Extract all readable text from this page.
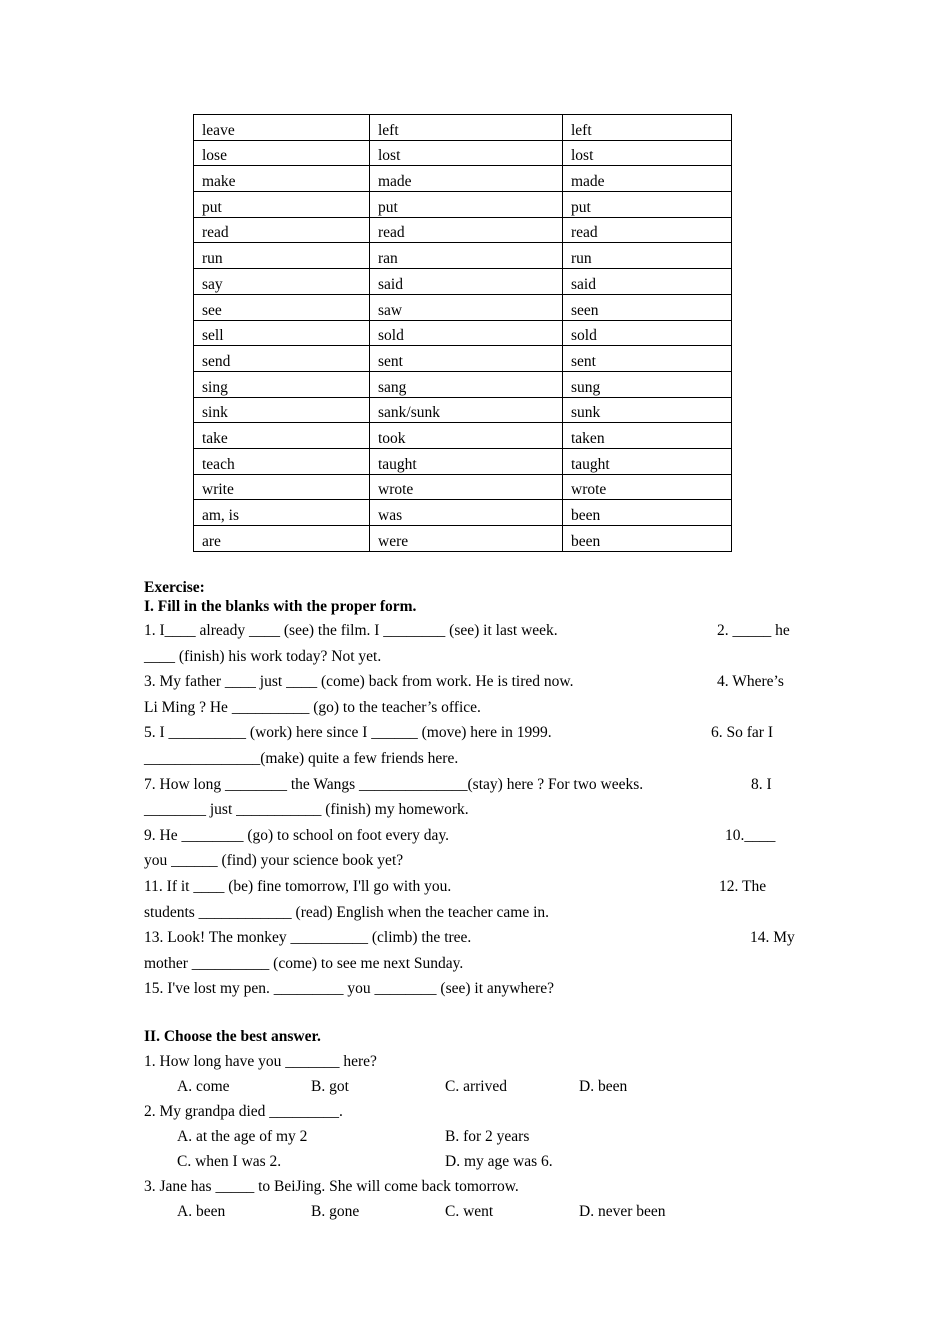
leave	left	left
lose	lost	lost
make	made	made
put	put	put
read	read	read
run	ran	run
say	said	said
see	saw	seen
sell	sold	sold
send	sent	sent
sing	sang	sung
sink	sank/sunk	sunk
take	took	taken
teach	taught	taught
write	wrote	wrote
am, is	was	been
are	were	been
Exercise:
I. Fill in the blanks with the proper form.
1. I____ already ____ (see) the film. I ________ (see) it last week.	2. _____ he
____ (finish) his work today? Not yet.
3. My father ____ just ____ (come) back from work. He is tired now.	4. Where’s
Li Ming ? He __________ (go) to the teacher’s office.
5. I __________ (work) here since I ______ (move) here in 1999.	6. So far I
_______________(make) quite a few friends here.
7. How long ________ the Wangs ______________(stay) here ? For two weeks.	8. I
________ just ___________ (finish) my homework.
9. He ________ (go) to school on foot every day.	10.____
you ______ (find) your science book yet?
11. If it ____ (be) fine tomorrow, I'll go with you.	12. The
students ____________ (read) English when the teacher came in.
13. Look! The monkey __________ (climb) the tree.	14. My
mother __________ (come) to see me next Sunday.
15. I've lost my pen. _________ you ________ (see) it anywhere?
II. Choose the best answer.
1. How long have you _______ here?
A. come	B. got	C. arrived	D. been
2. My grandpa died _________.
A. at the age of my 2	B. for 2 years
C. when I was 2.	D. my age was 6.
3. Jane has _____ to BeiJing. She will come back tomorrow.
A. been	B. gone	C. went	D. never been
